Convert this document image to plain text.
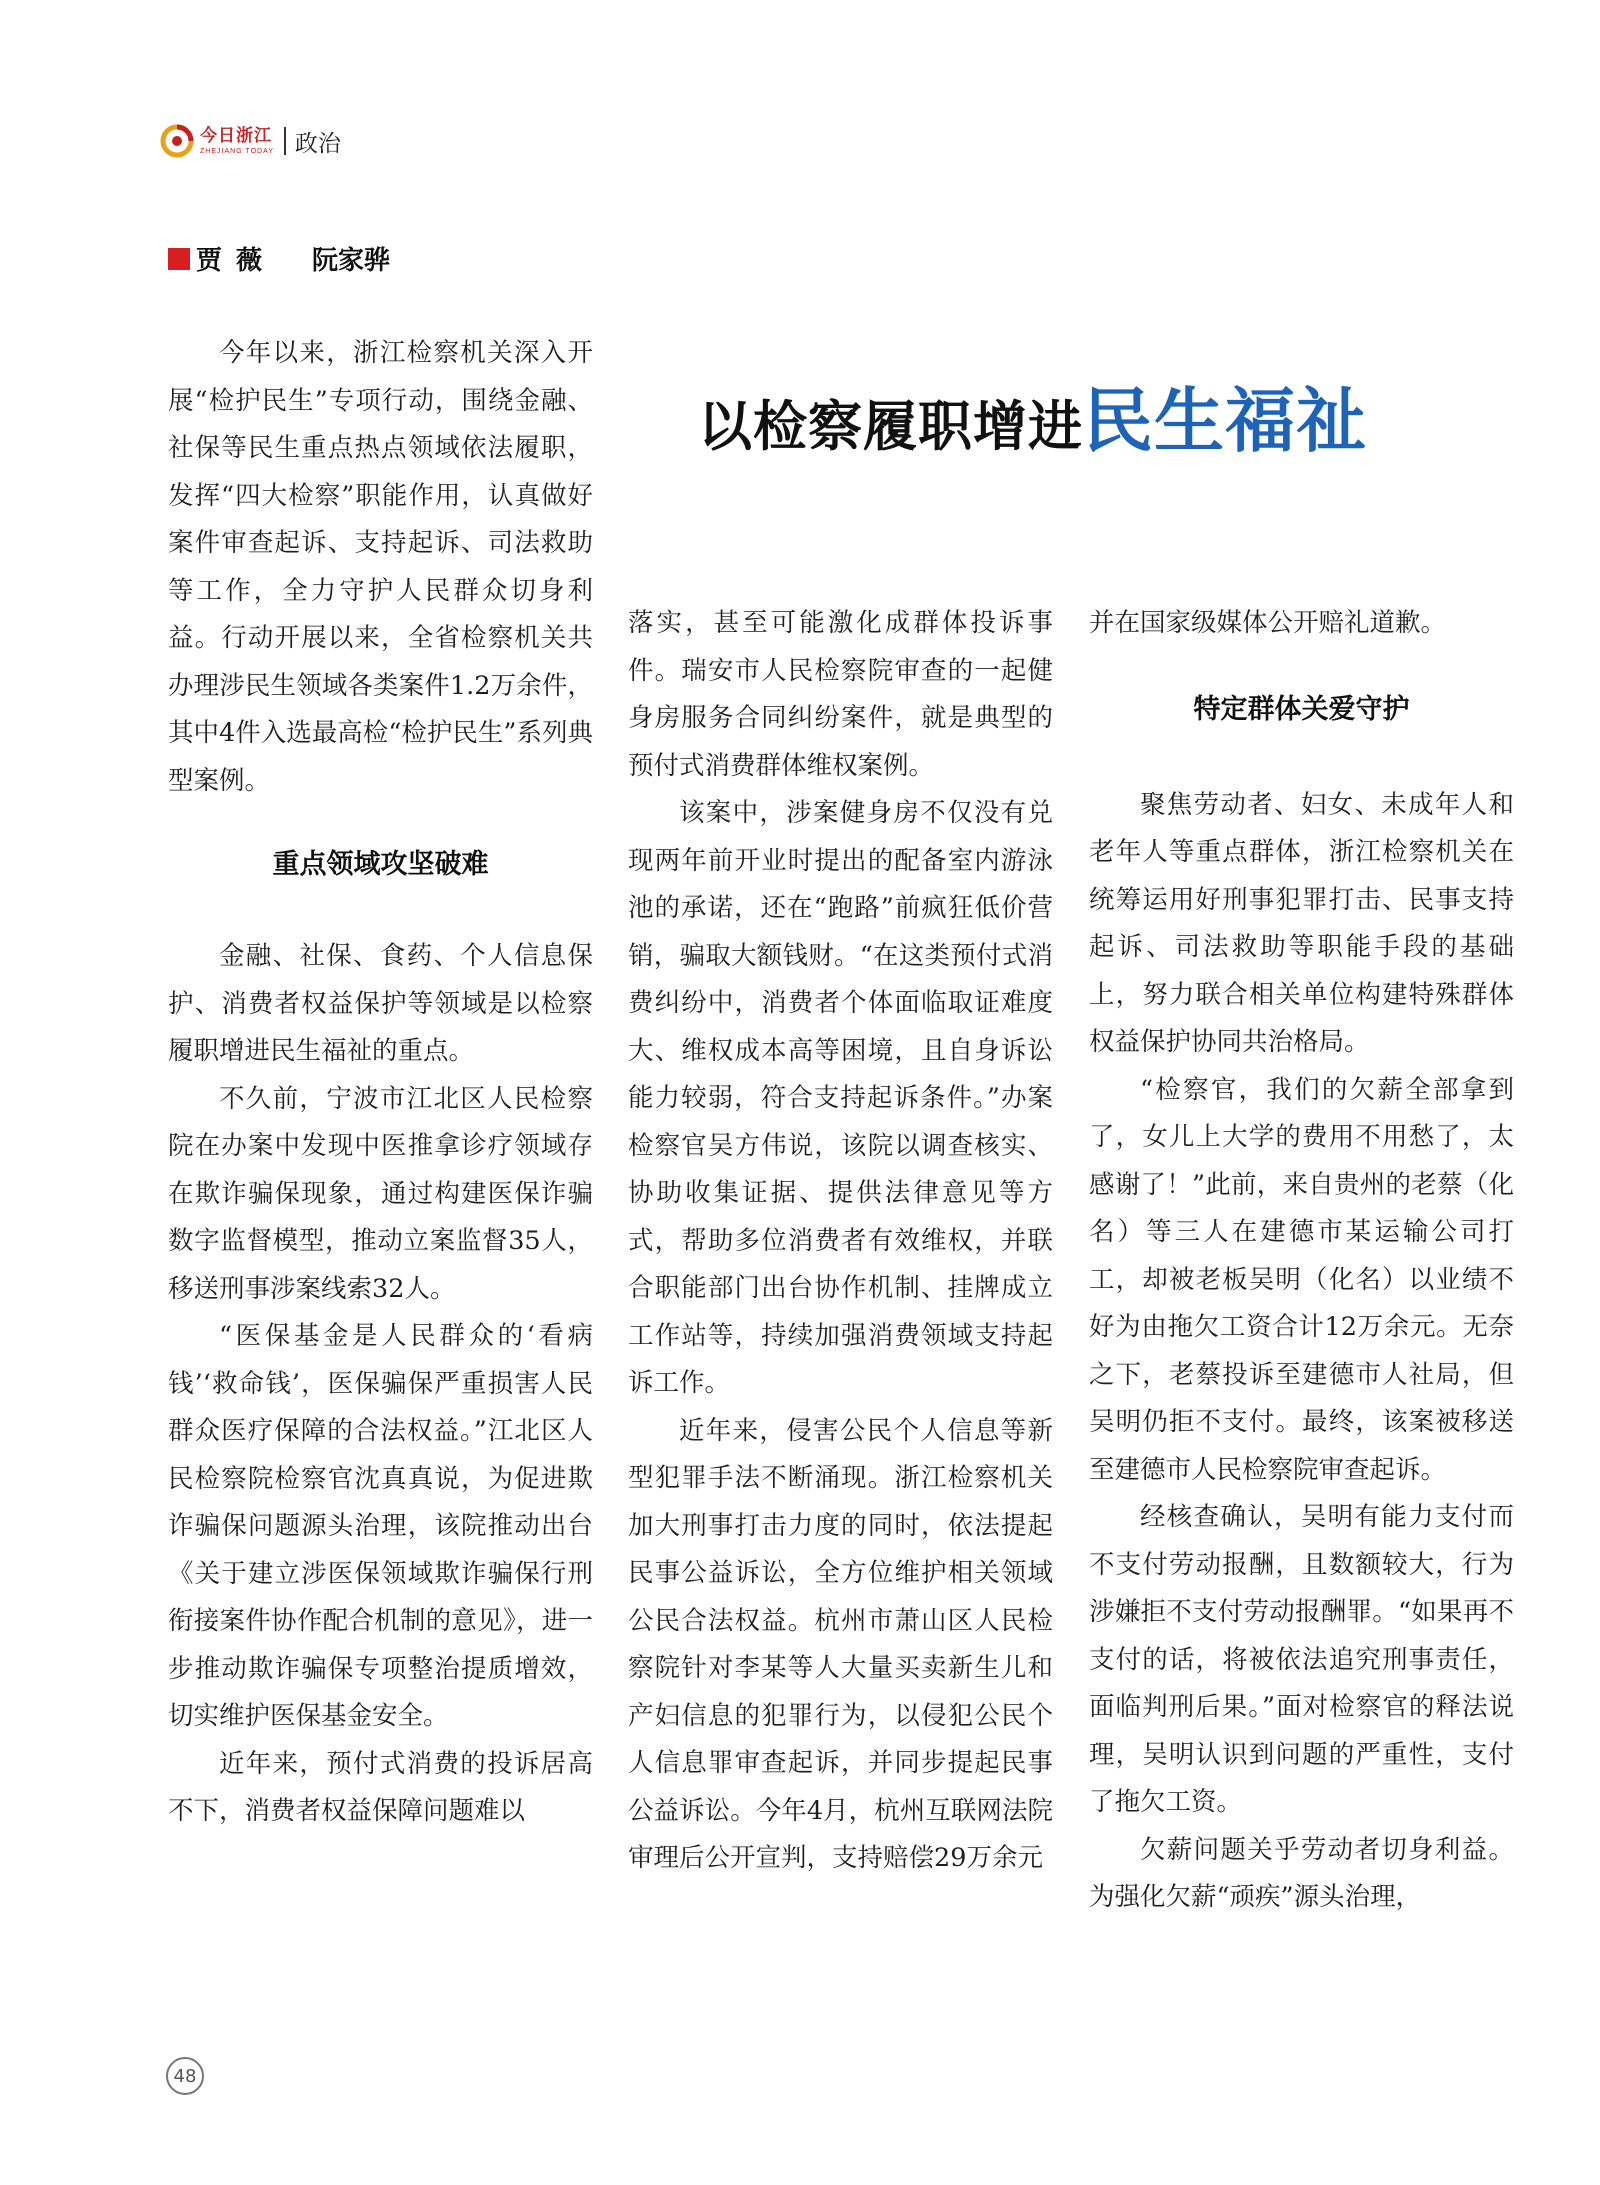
今日浙江
ZHEJIANG TODAY 政治
贾薇 阮家骅
以检察履职增进民生福祉

今年以来，浙江检察机关深入开展“检护民生”专项行动，围绕金融、社保等民生重点热点领域依法履职，发挥“四大检察”职能作用，认真做好案件审查起诉、支持起诉、司法救助等工作，全力守护人民群众切身利益。行动开展以来，全省检察机关共办理涉民生领域各类案件1.2万余件，其中4件入选最高检“检护民生”系列典型案例。

重点领域攻坚破难

金融、社保、食药、个人信息保护、消费者权益保护等领域是以检察履职增进民生福祉的重点。

不久前，宁波市江北区人民检察院在办案中发现中医推拿诊疗领域存在欺诈骗保现象，通过构建医保诈骗数字监督模型，推动立案监督35人，移送刑事涉案线索32人。

“医保基金是人民群众的‘看病钱’‘救命钱’，医保骗保严重损害人民群众医疗保障的合法权益。”江北区人民检察院检察官沈真真说，为促进欺诈骗保问题源头治理，该院推动出台《关于建立涉医保领域欺诈骗保行刑衔接案件协作配合机制的意见》，进一步推动欺诈骗保专项整治提质增效，切实维护医保基金安全。

近年来，预付式消费的投诉居高不下，消费者权益保障问题难以

落实，甚至可能激化成群体投诉事件。瑞安市人民检察院审查的一起健身房服务合同纠纷案件，就是典型的预付式消费群体维权案例。

该案中，涉案健身房不仅没有兑现两年前开业时提出的配备室内游泳池的承诺，还在“跑路”前疯狂低价营销，骗取大额钱财。“在这类预付式消费纠纷中，消费者个体面临取证难度大、维权成本高等困境，且自身诉讼能力较弱，符合支持起诉条件。”办案检察官吴方伟说，该院以调查核实、协助收集证据、提供法律意见等方式，帮助多位消费者有效维权，并联合职能部门出台协作机制、挂牌成立工作站等，持续加强消费领域支持起诉工作。

近年来，侵害公民个人信息等新型犯罪手法不断涌现。浙江检察机关加大刑事打击力度的同时，依法提起民事公益诉讼，全方位维护相关领域公民合法权益。杭州市萧山区人民检察院针对李某等人大量买卖新生儿和产妇信息的犯罪行为，以侵犯公民个人信息罪审查起诉，并同步提起民事公益诉讼。今年4月，杭州互联网法院审理后公开宣判，支持赔偿29万余元

并在国家级媒体公开赔礼道歉。

特定群体关爱守护

聚焦劳动者、妇女、未成年人和老年人等重点群体，浙江检察机关在统筹运用好刑事犯罪打击、民事支持起诉、司法救助等职能手段的基础上，努力联合相关单位构建特殊群体权益保护协同共治格局。

“检察官，我们的欠薪全部拿到了，女儿上大学的费用不用愁了，太感谢了！”此前，来自贵州的老蔡（化名）等三人在建德市某运输公司打工，却被老板吴明（化名）以业绩不好为由拖欠工资合计12万余元。无奈之下，老蔡投诉至建德市人社局，但吴明仍拒不支付。最终，该案被移送至建德市人民检察院审查起诉。

经核查确认，吴明有能力支付而不支付劳动报酬，且数额较大，行为涉嫌拒不支付劳动报酬罪。“如果再不支付的话，将被依法追究刑事责任，面临判刑后果。”面对检察官的释法说理，吴明认识到问题的严重性，支付了拖欠工资。

欠薪问题关乎劳动者切身利益。为强化欠薪“顽疾”源头治理，

48
